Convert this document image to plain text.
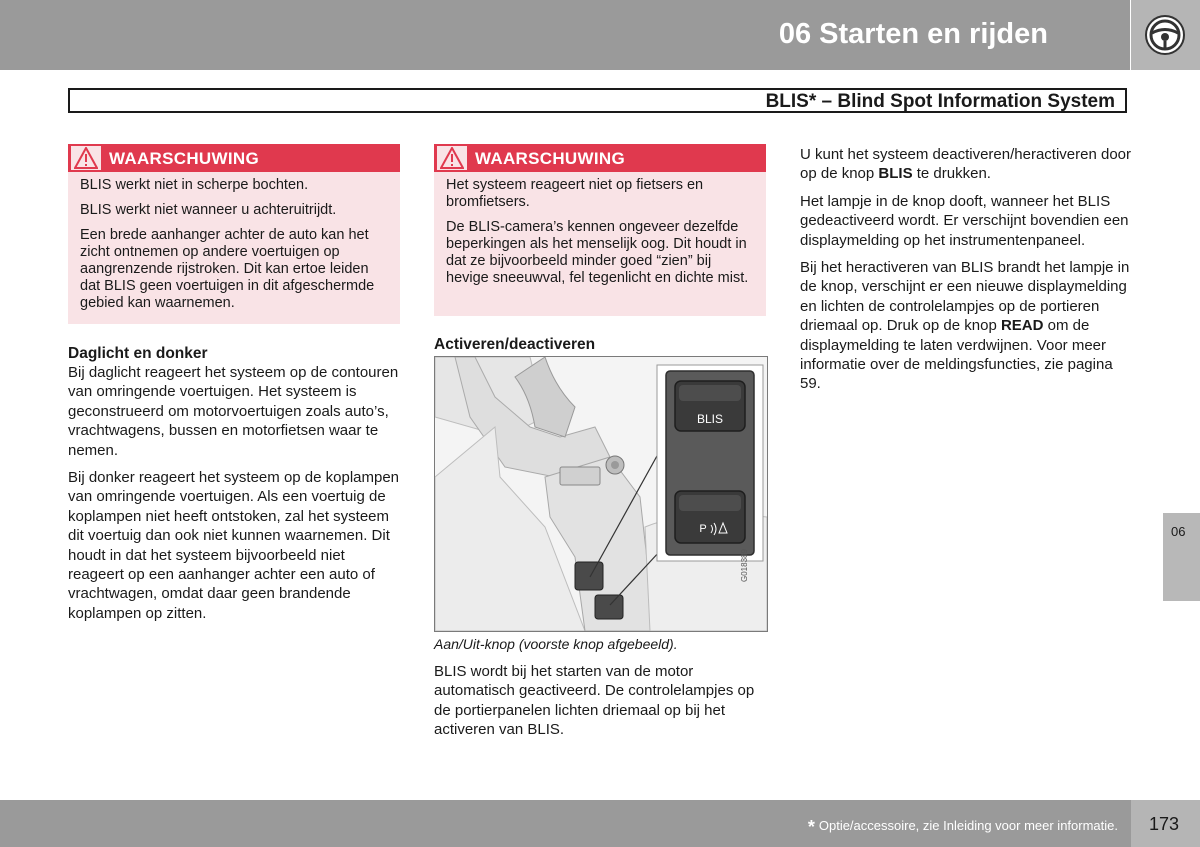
06 Starten en rijden
BLIS* – Blind Spot Information System
WAARSCHUWING

BLIS werkt niet in scherpe bochten.

BLIS werkt niet wanneer u achteruitrijdt.

Een brede aanhanger achter de auto kan het zicht ontnemen op andere voertuigen op aangrenzende rijstroken. Dit kan ertoe leiden dat BLIS geen voertuigen in dit afgeschermde gebied kan waarnemen.

Daglicht en donker

Bij daglicht reageert het systeem op de contouren van omringende voertuigen. Het systeem is geconstrueerd om motorvoertuigen zoals auto’s, vrachtwagens, bussen en motorfietsen waar te nemen.

Bij donker reageert het systeem op de koplampen van omringende voertuigen. Als een voertuig de koplampen niet heeft ontstoken, zal het systeem dit voertuig dan ook niet kunnen waarnemen. Dit houdt in dat het systeem bijvoorbeeld niet reageert op een aanhanger achter een auto of vrachtwagen, omdat daar geen brandende koplampen op zitten.

WAARSCHUWING

Het systeem reageert niet op fietsers en bromfietsers.

De BLIS-camera’s kennen ongeveer dezelfde beperkingen als het menselijk oog. Dit houdt in dat ze bijvoorbeeld minder goed “zien” bij hevige sneeuwval, fel tegenlicht en dichte mist.

Activeren/deactiveren
BLIS
P
G018389
Aan/Uit-knop (voorste knop afgebeeld).

BLIS wordt bij het starten van de motor automatisch geactiveerd. De controlelampjes op de portierpanelen lichten driemaal op bij het activeren van BLIS.

U kunt het systeem deactiveren/heractiveren door op de knop BLIS te drukken.

Het lampje in de knop dooft, wanneer het BLIS gedeactiveerd wordt. Er verschijnt bovendien een displaymelding op het instrumentenpaneel.

Bij het heractiveren van BLIS brandt het lampje in de knop, verschijnt er een nieuwe displaymelding en lichten de controlelampjes op de portieren driemaal op. Druk op de knop READ om de displaymelding te laten verdwijnen. Voor meer informatie over de meldingsfuncties, zie pagina 59.

06
* Optie/accessoire, zie Inleiding voor meer informatie. 173
